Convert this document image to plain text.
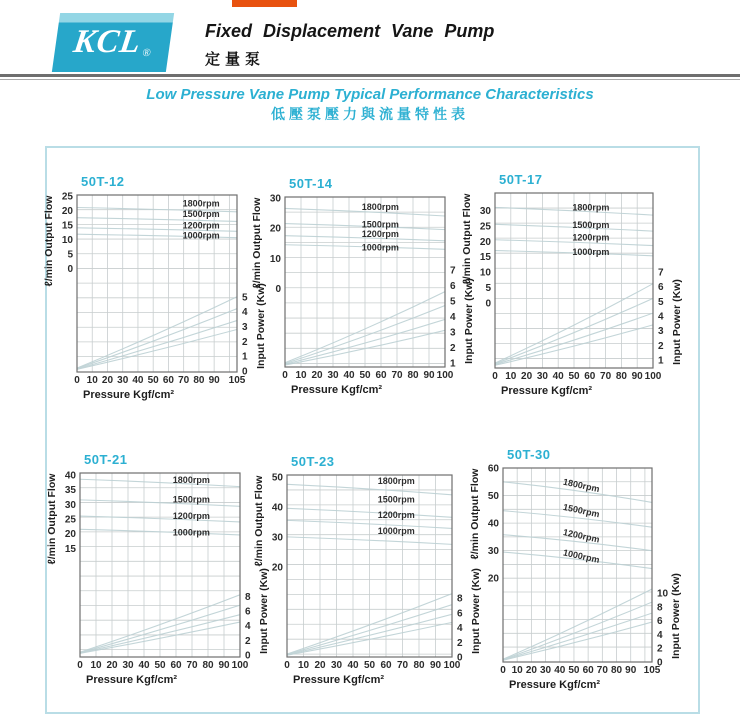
KCL
®
Fixed Displacement Vane Pump
定量泵
Low Pressure Vane Pump Typical Performance Characteristics
低壓泵壓力與流量特性表
25
20
15
10
5
0
5
4
3
2
1
0
0 10 20 30 40 50 60 70 80 90 105
ℓ/min Output Flow
Input Power (Kw)
Pressure Kgf/cm²
50T-12
1800rpm
1500rpm
1200rpm
1000rpm
30
20
10
0
7
6
5
4
3
2
1
0 10 20 30 40 50 60 70 80 90 100
ℓ/min Output Flow
Input Power (Kw)
Pressure Kgf/cm²
50T-14
1800rpm
1500rpm
1200rpm
1000rpm
30
25
20
15
10
5
0
7
6
5
4
3
2
1
0 10 20 30 40 50 60 70 80 90 100
ℓ/min Output Flow
Input Power (Kw)
Pressure Kgf/cm²
50T-17
1800rpm
1500rpm
1200rpm
1000rpm
40
35
30
25
20
15
8
6
4
2
0
0 10 20 30 40 50 60 70 80 90 100
ℓ/min Output Flow
Input Power (Kw)
Pressure Kgf/cm²
50T-21
1800rpm
1500rpm
1200rpm
1000rpm
50
40
30
20
8
6
4
2
0
0 10 20 30 40 50 60 70 80 90 100
ℓ/min Output Flow
Input Power (Kw)
Pressure Kgf/cm²
50T-23
1800rpm
1500rpm
1200rpm
1000rpm
60
50
40
30
20
10
8
6
4
2
0
0 10 20 30 40 50 60 70 80 90 105
ℓ/min Output Flow
Input Power (Kw)
Pressure Kgf/cm²
50T-30
1800rpm
1500rpm
1200rpm
1000rpm
